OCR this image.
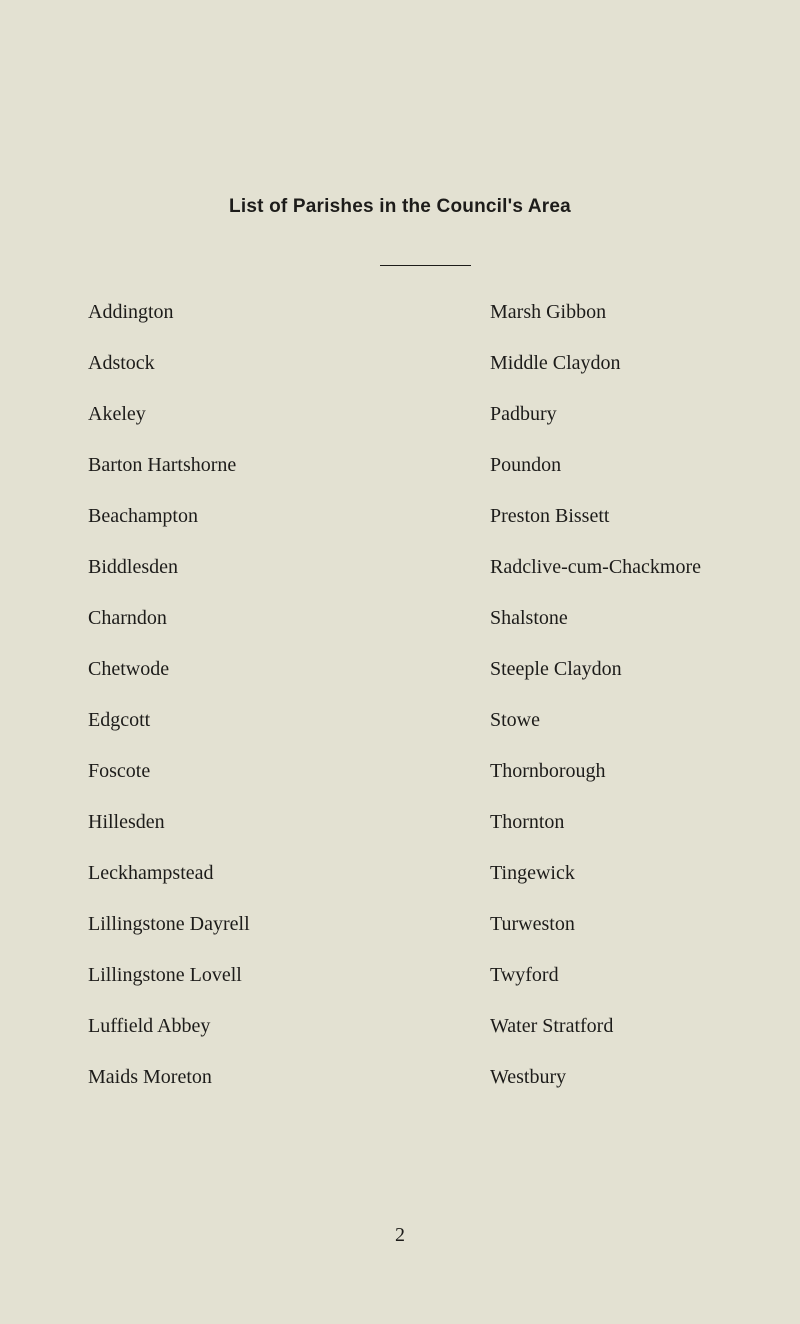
List of Parishes in the Council's Area
Addington
Adstock
Akeley
Barton Hartshorne
Beachampton
Biddlesden
Charndon
Chetwode
Edgcott
Foscote
Hillesden
Leckhampstead
Lillingstone Dayrell
Lillingstone Lovell
Luffield Abbey
Maids Moreton
Marsh Gibbon
Middle Claydon
Padbury
Poundon
Preston Bissett
Radclive-cum-Chackmore
Shalstone
Steeple Claydon
Stowe
Thornborough
Thornton
Tingewick
Turweston
Twyford
Water Stratford
Westbury
2
